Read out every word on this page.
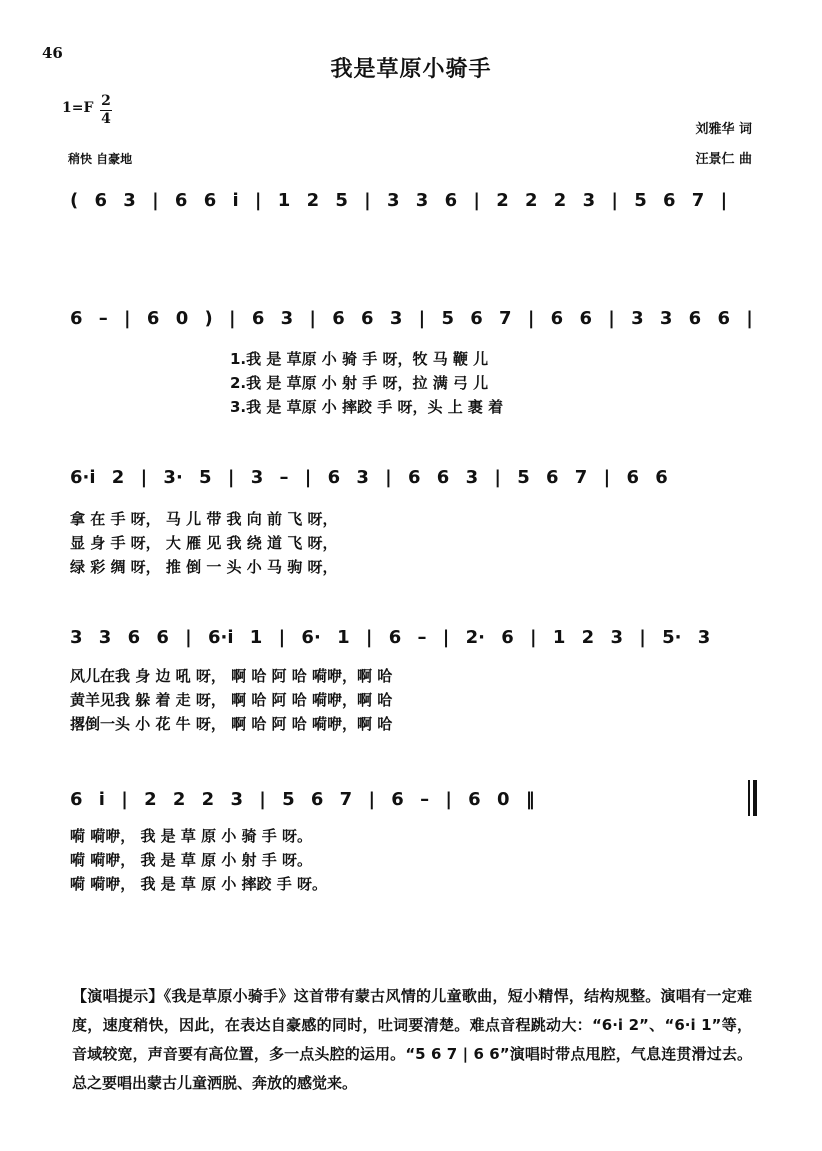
46
我是草原小骑手
1=F 2
4
稍快 自豪地
刘雅华 词
汪景仁 曲
( 6 3 | 6 6 i | 1 2 5 | 3 3 6 | 2 2 2 3 | 5 6 7 |
6 – | 6 0 ) | 6 3 | 6 6 3 | 5 6 7 | 6 6 | 3 3 6 6 |
6·i 2 | 3· 5 | 3 – | 6 3 | 6 6 3 | 5 6 7 | 6 6
3 3 6 6 | 6·i 1 | 6· 1 | 6 – | 2· 6 | 1 2 3 | 5· 3
6 i | 2 2 2 3 | 5 6 7 | 6 – | 6 0 ‖
1.我 是 草原 小 骑 手 呀，牧 马 鞭 儿
2.我 是 草原 小 射 手 呀，拉 满 弓 儿
3.我 是 草原 小 摔跤 手 呀，头 上 裹 着
拿 在 手 呀， 马 儿 带 我 向 前 飞 呀，
显 身 手 呀， 大 雁 见 我 绕 道 飞 呀，
绿 彩 绸 呀， 推 倒 一 头 小 马 驹 呀，
风儿在我 身 边 吼 呀， 啊 哈 阿 哈 嗬咿，啊 哈
黄羊见我 躲 着 走 呀， 啊 哈 阿 哈 嗬咿，啊 哈
撂倒一头 小 花 牛 呀， 啊 哈 阿 哈 嗬咿，啊 哈
嗬 嗬咿， 我 是 草 原 小 骑 手 呀。
嗬 嗬咿， 我 是 草 原 小 射 手 呀。
嗬 嗬咿， 我 是 草 原 小 摔跤 手 呀。
【演唱提示】《我是草原小骑手》这首带有蒙古风情的儿童歌曲，短小精悍，结构规整。演唱有一定难度，速度稍快，因此，在表达自豪感的同时，吐词要清楚。难点音程跳动大：“6·i 2”、“6·i 1”等，音域较宽，声音要有高位置，多一点头腔的运用。“5 6 7 | 6 6”演唱时带点甩腔，气息连贯滑过去。总之要唱出蒙古儿童洒脱、奔放的感觉来。
